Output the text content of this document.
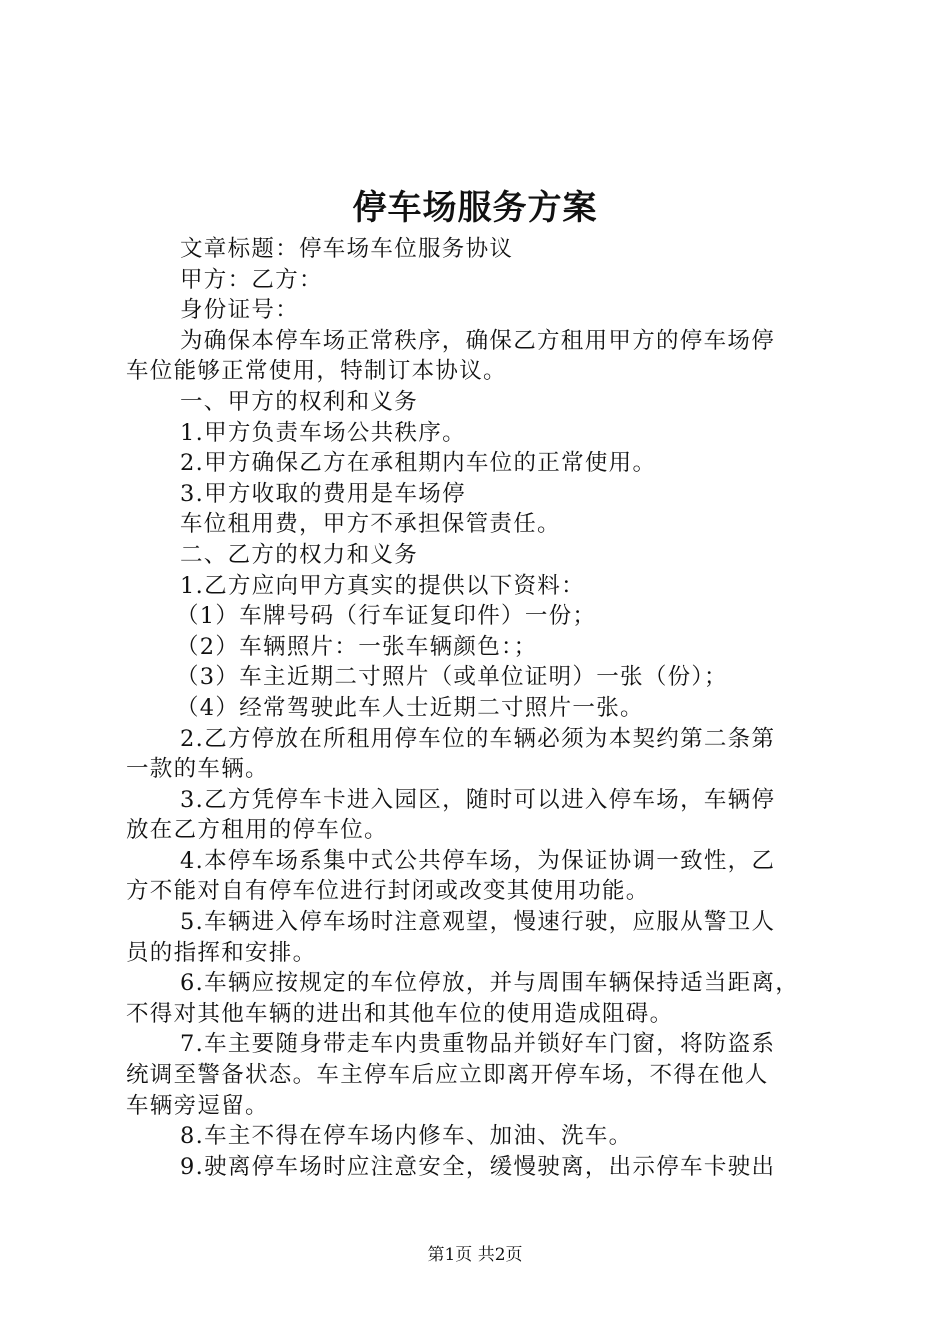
停车场服务方案

文章标题：停车场车位服务协议

甲方：乙方：

身份证号：

为确保本停车场正常秩序，确保乙方租用甲方的停车场停

车位能够正常使用，特制订本协议。

一、甲方的权利和义务

1.甲方负责车场公共秩序。

2.甲方确保乙方在承租期内车位的正常使用。

3.甲方收取的费用是车场停

车位租用费，甲方不承担保管责任。

二、乙方的权力和义务

1.乙方应向甲方真实的提供以下资料：

（1）车牌号码（行车证复印件）一份；

（2）车辆照片：一张车辆颜色：；

（3）车主近期二寸照片（或单位证明）一张（份）；

（4）经常驾驶此车人士近期二寸照片一张。

2.乙方停放在所租用停车位的车辆必须为本契约第二条第

一款的车辆。

3.乙方凭停车卡进入园区，随时可以进入停车场，车辆停

放在乙方租用的停车位。

4.本停车场系集中式公共停车场，为保证协调一致性，乙

方不能对自有停车位进行封闭或改变其使用功能。

5.车辆进入停车场时注意观望，慢速行驶，应服从警卫人

员的指挥和安排。

6.车辆应按规定的车位停放，并与周围车辆保持适当距离，

不得对其他车辆的进出和其他车位的使用造成阻碍。

7.车主要随身带走车内贵重物品并锁好车门窗，将防盗系

统调至警备状态。车主停车后应立即离开停车场，不得在他人

车辆旁逗留。

8.车主不得在停车场内修车、加油、洗车。

9.驶离停车场时应注意安全，缓慢驶离，出示停车卡驶出

第1页 共2页
